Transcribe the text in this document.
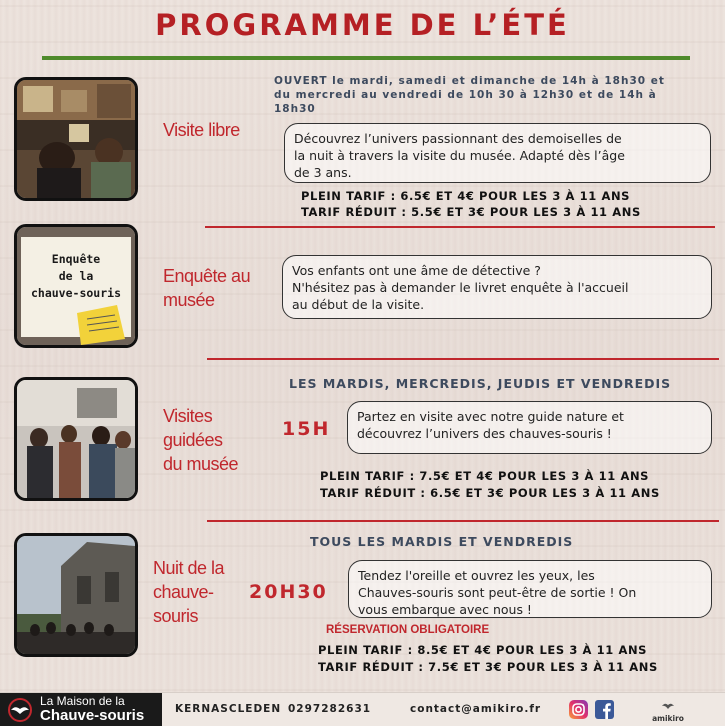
PROGRAMME DE L’ÉTÉ
Visite libre
OUVERT le mardi, samedi et dimanche de 14h à 18h30 et
du mercredi au vendredi de 10h 30 à 12h30 et de 14h à
18h30
Découvrez l’univers passionnant des demoiselles de
la nuit à travers la visite du musée. Adapté dès l’âge
de 3 ans.
PLEIN TARIF : 6.5€ ET 4€ POUR LES 3 À 11 ANS
TARIF RÉDUIT : 5.5€ ET 3€ POUR LES 3 À 11 ANS
Enquête
de la
chauve-souris
Enquête au
musée
Vos enfants ont une âme de détective ?
N'hésitez pas à demander le livret enquête à l'accueil
au début de la visite.
Visites
guidées
du musée
LES MARDIS, MERCREDIS, JEUDIS ET VENDREDIS
15H
Partez en visite avec notre guide nature et
découvrez l’univers des chauves-souris !
PLEIN TARIF : 7.5€ ET 4€ POUR LES 3 À 11 ANS
TARIF RÉDUIT : 6.5€ ET 3€ POUR LES 3 À 11 ANS
Nuit de la
chauve-
souris
TOUS LES MARDIS ET VENDREDIS
20H30
Tendez l'oreille et ouvrez les yeux, les
Chauves-souris sont peut-être de sortie ! On
vous embarque avec nous !
RÉSERVATION OBLIGATOIRE
PLEIN TARIF : 8.5€ ET 4€ POUR LES 3 À 11 ANS
TARIF RÉDUIT : 7.5€ ET 3€ POUR LES 3 À 11 ANS
La Maison de la
Chauve-souris	KERNASCLEDEN 0297282631	contact@amikiro.fr
amikiro
